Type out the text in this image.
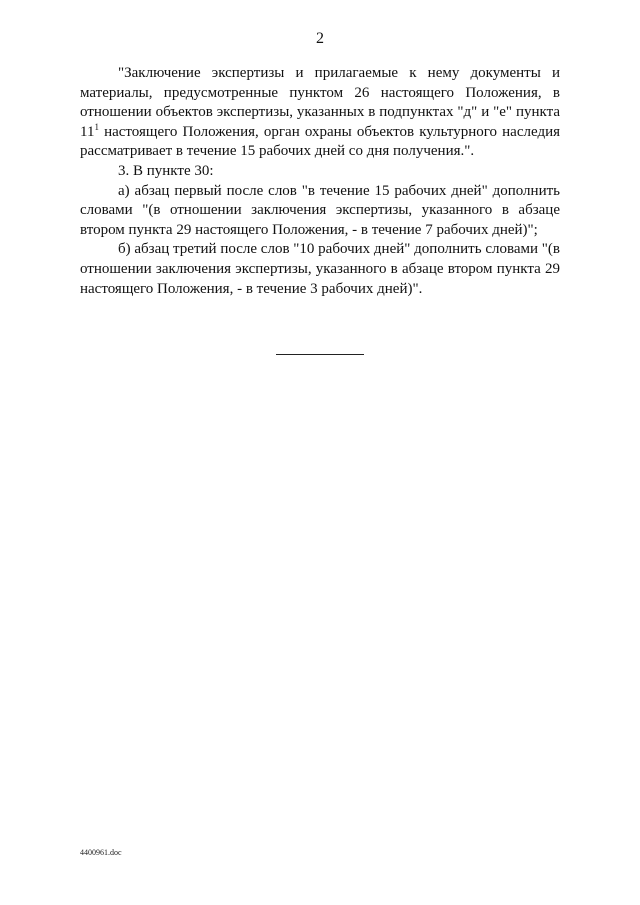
2

"Заключение экспертизы и прилагаемые к нему документы и материалы, предусмотренные пунктом 26 настоящего Положения, в отношении объектов экспертизы, указанных в подпунктах "д" и "е" пункта $11^1$ настоящего Положения, орган охраны объектов культурного наследия рассматривает в течение 15 рабочих дней со дня получения.".

3. В пункте 30:

а) абзац первый после слов "в течение 15 рабочих дней" дополнить словами "(в отношении заключения экспертизы, указанного в абзаце втором пункта 29 настоящего Положения, - в течение 7 рабочих дней)";

б) абзац третий после слов "10 рабочих дней" дополнить словами "(в отношении заключения экспертизы, указанного в абзаце втором пункта 29 настоящего Положения, - в течение 3 рабочих дней)".

4400961.doc
